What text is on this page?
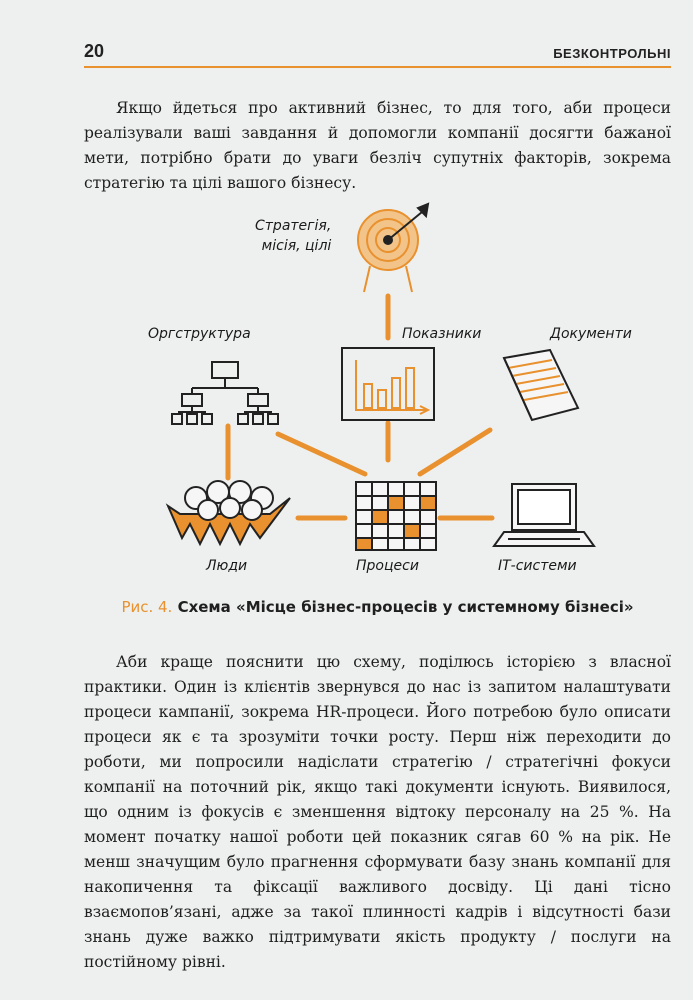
20	БЕЗКОНТРОЛЬНІ

Якщо йдеться про активний бізнес, то для того, аби процеси реалізували ваші завдання й допомогли компанії досягти бажаної мети, потрібно брати до уваги безліч супутніх факторів, зокрема стратегію та цілі вашого бізнесу.

Стратегія,
місія, цілі
Оргструктура	Показники	Документи
Люди	Процеси	ІТ-системи
Рис. 4. Схема «Місце бізнес-процесів у системному бізнесі»

Аби краще пояснити цю схему, поділюсь історією з власної практики. Один із клієнтів звернувся до нас із запитом налаштувати процеси кампанії, зокрема HR-процеси. Його потребою було описати процеси як є та зрозуміти точки росту. Перш ніж переходити до роботи, ми попросили надіслати стратегію / стратегічні фокуси компанії на поточний рік, якщо такі документи існують. Виявилося, що одним із фокусів є зменшення відтоку персоналу на 25 %. На момент початку нашої роботи цей показник сягав 60 % на рік. Не менш значущим було прагнення сформувати базу знань компанії для накопичення та фіксації важливого досвіду. Ці дані тісно взаємопов’язані, адже за такої плинності кадрів і відсутності бази знань дуже важко підтримувати якість продукту / послуги на постійному рівні.
